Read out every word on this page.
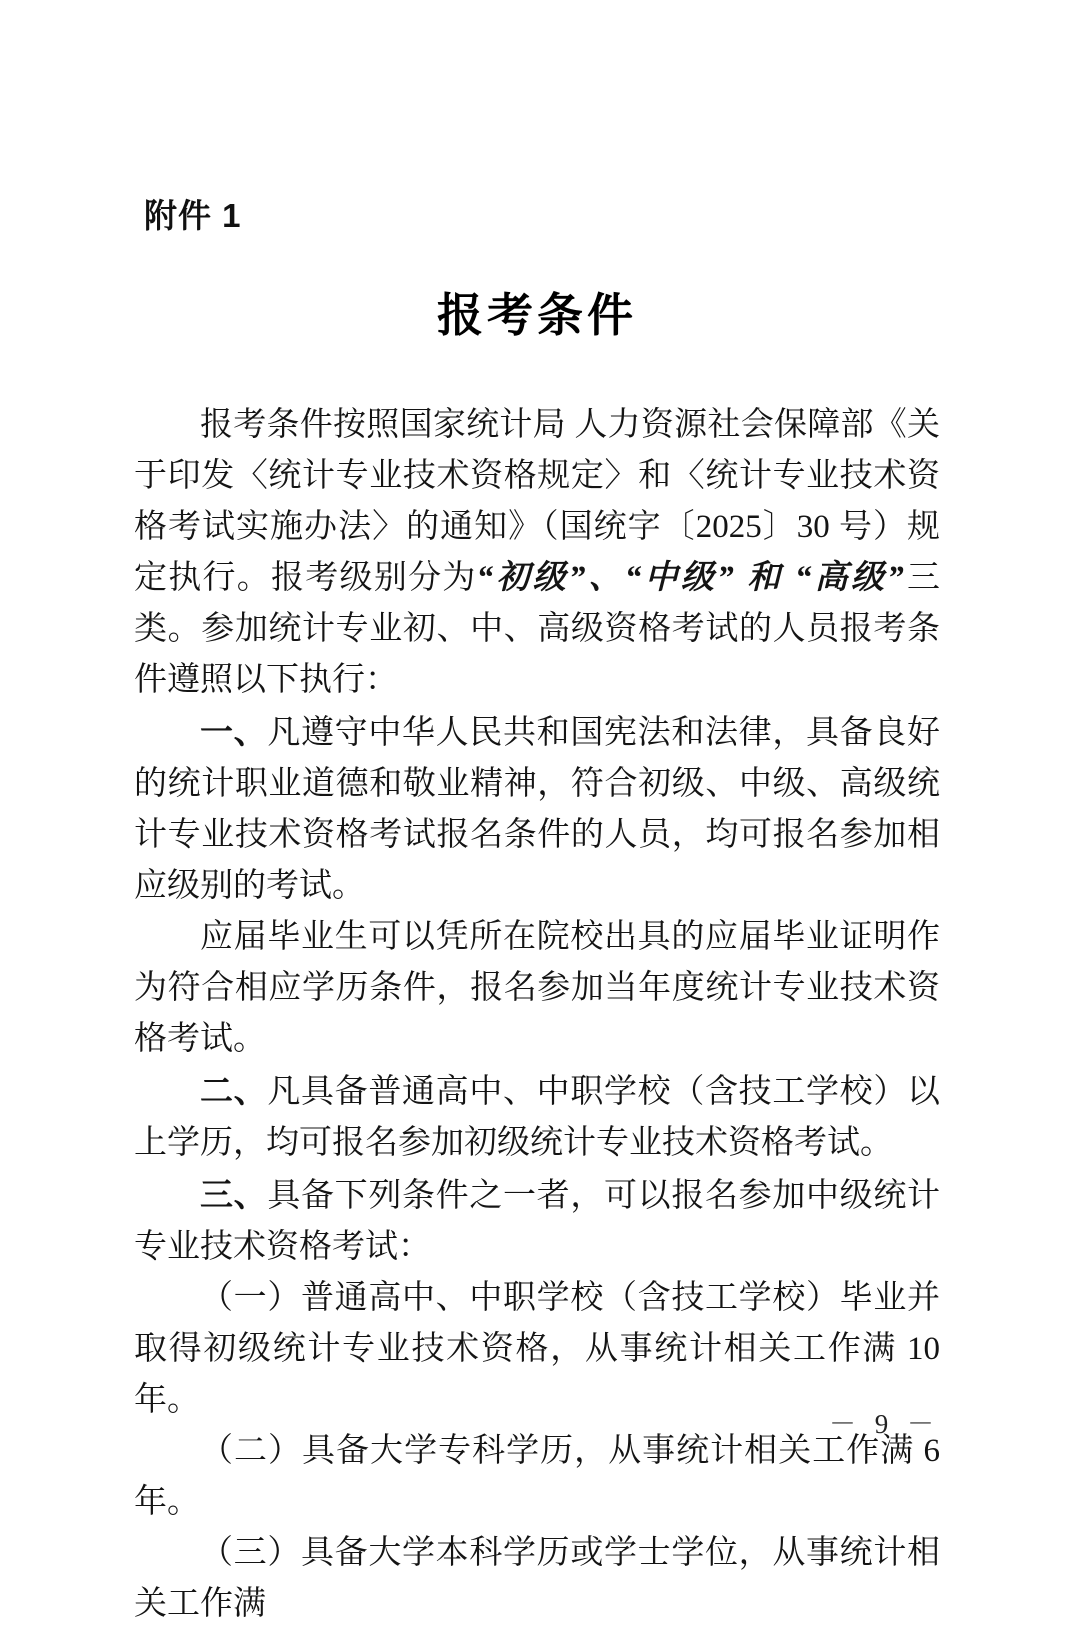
附件 1
报考条件

报考条件按照国家统计局 人力资源社会保障部《关于印发〈统计专业技术资格规定〉和〈统计专业技术资格考试实施办法〉的通知》（国统字〔2025〕30 号）规定执行。报考级别分为“初级”、“中级” 和 “高级”三类。参加统计专业初、中、高级资格考试的人员报考条件遵照以下执行：

一、凡遵守中华人民共和国宪法和法律，具备良好的统计职业道德和敬业精神，符合初级、中级、高级统计专业技术资格考试报名条件的人员，均可报名参加相应级别的考试。

应届毕业生可以凭所在院校出具的应届毕业证明作为符合相应学历条件，报名参加当年度统计专业技术资格考试。

二、凡具备普通高中、中职学校（含技工学校）以上学历，均可报名参加初级统计专业技术资格考试。

三、具备下列条件之一者，可以报名参加中级统计专业技术资格考试：

（一）普通高中、中职学校（含技工学校）毕业并取得初级统计专业技术资格，从事统计相关工作满 10 年。

（二）具备大学专科学历，从事统计相关工作满 6 年。

（三）具备大学本科学历或学士学位，从事统计相关工作满

－ 9 －
